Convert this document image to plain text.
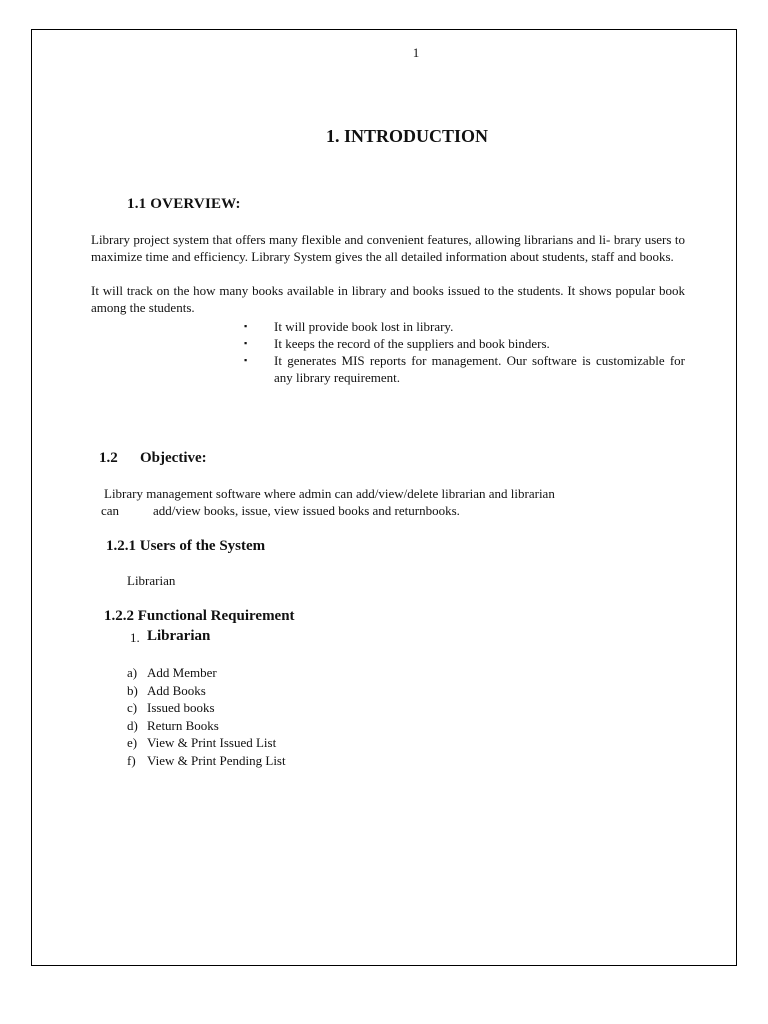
1
1. INTRODUCTION
1.1 OVERVIEW:
Library project system that offers many flexible and convenient features, allowing librarians and li- brary users to maximize time and efficiency. Library System gives the all detailed information about students, staff and books.
It will track on the how many books available in library and books issued to the students. It shows popular book among the students.
▪ It will provide book lost in library.
▪ It keeps the record of the suppliers and book binders.
▪ It generates MIS reports for management. Our software is customizable for any library requirement.
1.2 Objective:
Library management software where admin can add/view/delete librarian and librarian
can	add/view books, issue, view issued books and returnbooks.
1.2.1 Users of the System
Librarian
1.2.2 Functional Requirement
1. Librarian
a) Add Member
b) Add Books
c) Issued books
d) Return Books
e) View & Print Issued List
f) View & Print Pending List
